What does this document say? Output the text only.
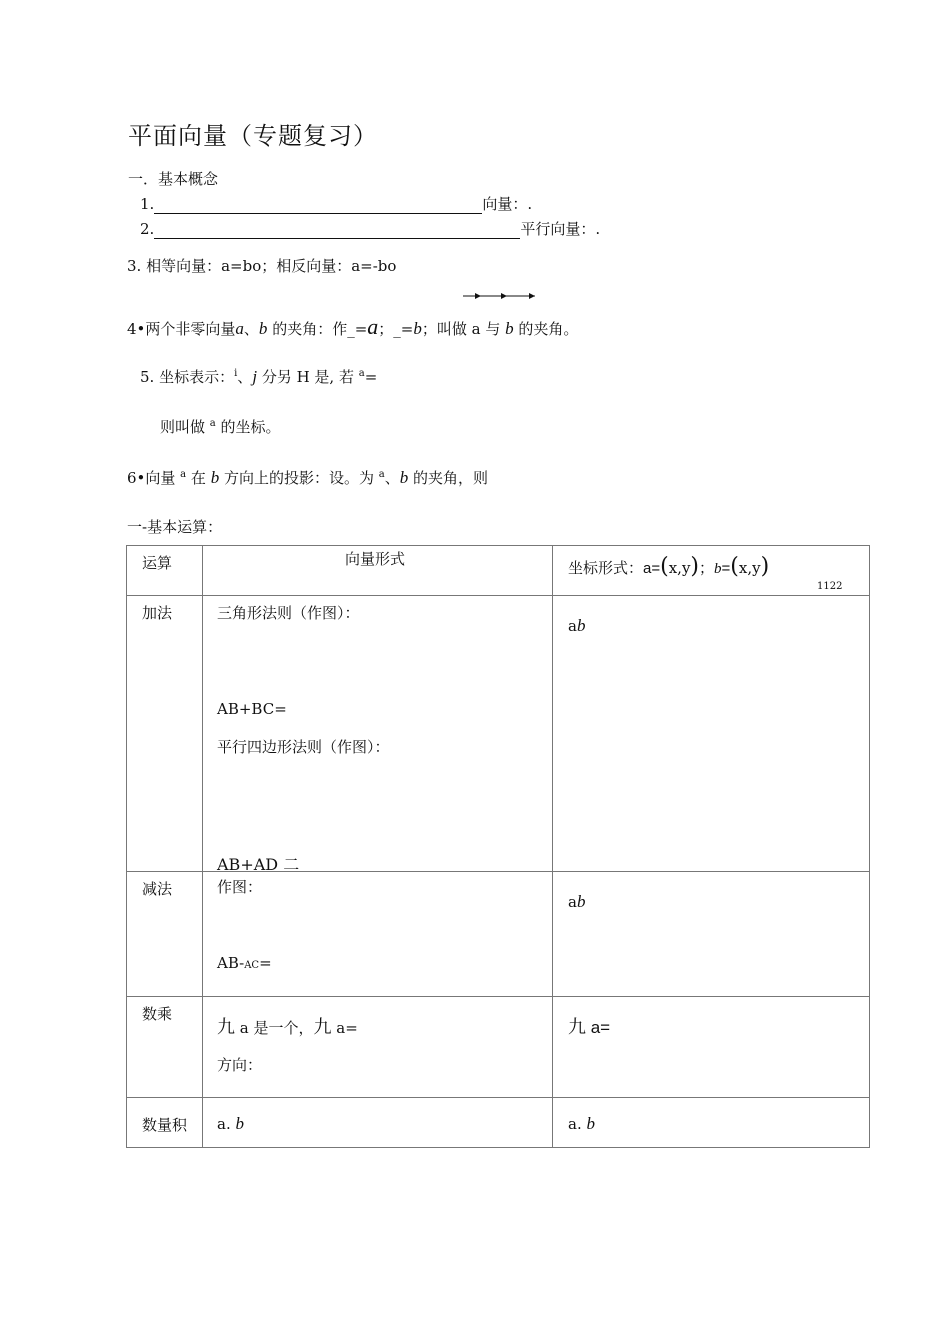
平面向量（专题复习）
一．基本概念
1.	向量：.
2.	平行向量：.
3. 相等向量：a=bo；相反向量：a=-bo
4•两个非零向量a、b 的夹角：作_=a；_=b；叫做 a 与 b 的夹角。
5. 坐标表示：$^i$、j 分另 H 是, 若 $^a$=
则叫做 $^a$ 的坐标。
6•向量 $^a$ 在 b 方向上的投影：设。为 $^a$、b 的夹角，则
一-基本运算：
运算	向量形式	坐标形式：a=(x,y)；b=(x,y)
1122

加法	三角形法则（作图）：
AB+BC=
平行四边形法则（作图）：
AB+AD 二	ab

减法	作图：
AB-AC=	ab

数乘	九 a 是一个，九 a=
方向：	九 a=

数量积	a. b	a. b
